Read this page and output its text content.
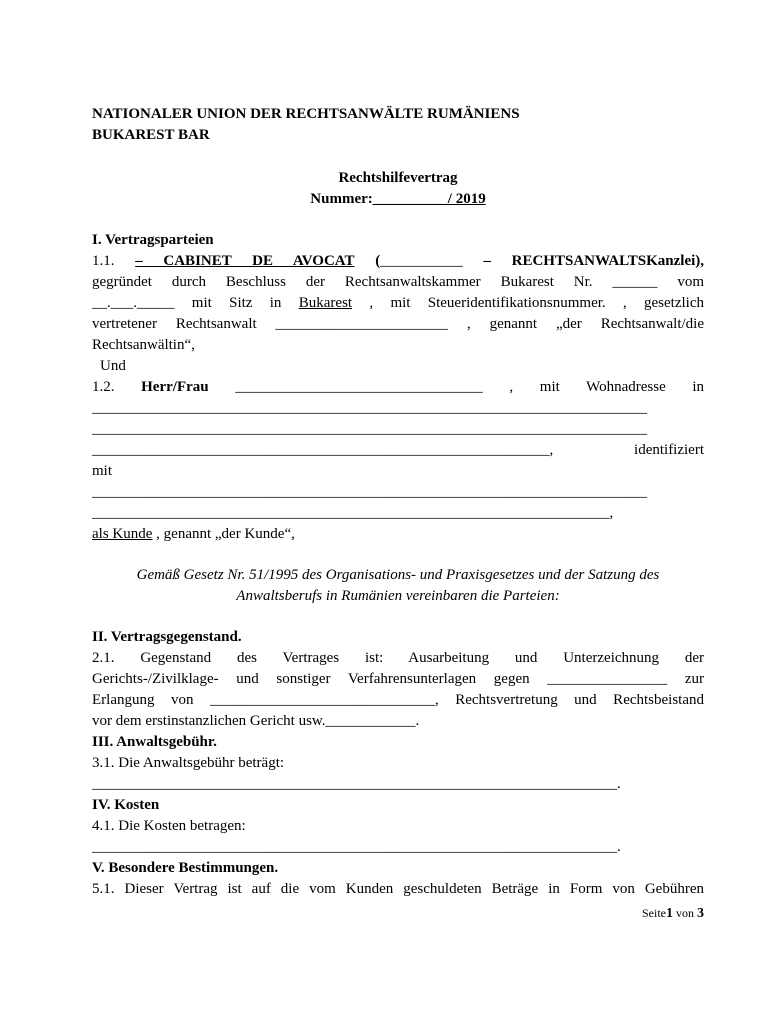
NATIONALER UNION DER RECHTSANWÄLTE RUMÄNIENS
BUKAREST BAR
Rechtshilfevertrag
Nummer:__________/ 2019
I. Vertragsparteien
1.1. – CABINET DE AVOCAT (___________ – RECHTSANWALTSKanzlei),
gegründet durch Beschluss der Rechtsanwaltskammer Bukarest Nr. ______ vom
__.___._____ mit Sitz in Bukarest , mit Steueridentifikationsnummer. , gesetzlich
vertretener Rechtsanwalt _______________________ , genannt „der Rechtsanwalt/die
Rechtsanwältin“,
Und
1.2. Herr/Frau _________________________________ , mit Wohnadresse in
__________________________________________________________________________
__________________________________________________________________________
_____________________________________________________________,	identifiziert
mit
__________________________________________________________________________
_____________________________________________________________________,
als Kunde , genannt „der Kunde“,
Gemäß Gesetz Nr. 51/1995 des Organisations- und Praxisgesetzes und der Satzung des
Anwaltsberufs in Rumänien vereinbaren die Parteien:
II. Vertragsgegenstand.
2.1. Gegenstand des Vertrages ist: Ausarbeitung und Unterzeichnung der
Gerichts-/Zivilklage- und sonstiger Verfahrensunterlagen gegen ________________ zur
Erlangung von ______________________________, Rechtsvertretung und Rechtsbeistand
vor dem erstinstanzlichen Gericht usw.____________.
III. Anwaltsgebühr.
3.1. Die Anwaltsgebühr beträgt:
______________________________________________________________________.
IV. Kosten
4.1. Die Kosten betragen:
______________________________________________________________________.
V. Besondere Bestimmungen.
5.1. Dieser Vertrag ist auf die vom Kunden geschuldeten Beträge in Form von Gebühren
Seite1 von 3
